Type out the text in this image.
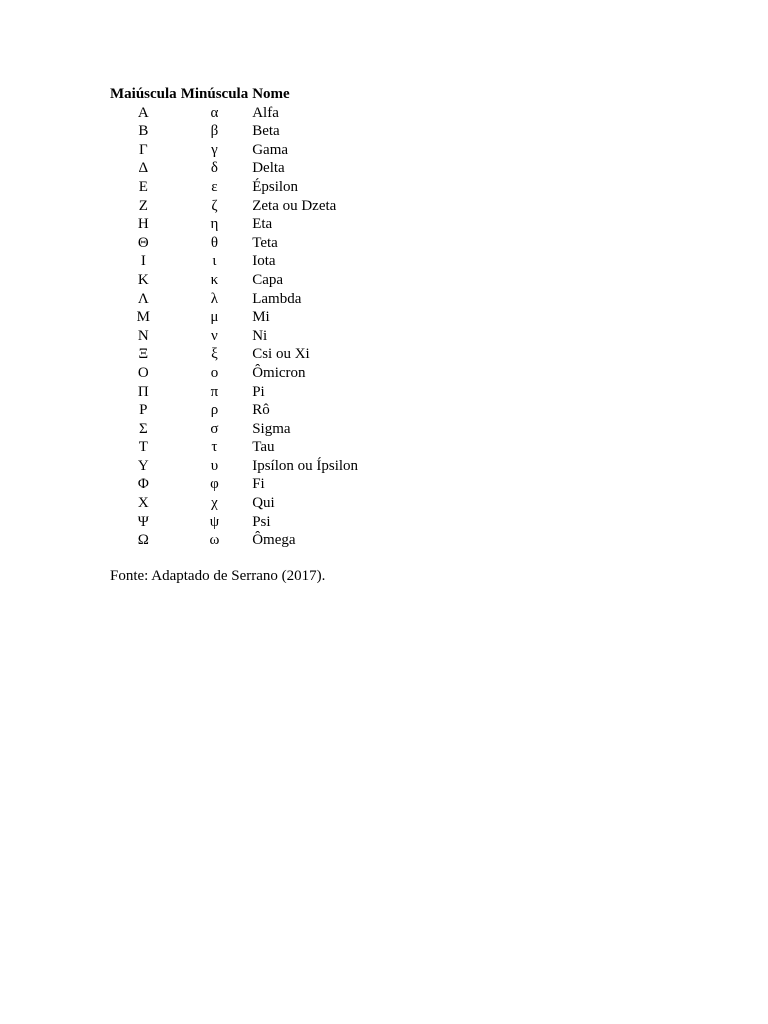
Maiúscula	Minúscula	Nome
Α	α	Alfa
Β	β	Beta
Γ	γ	Gama
Δ	δ	Delta
Ε	ε	Épsilon
Ζ	ζ	Zeta ou Dzeta
Η	η	Eta
Θ	θ	Teta
Ι	ι	Iota
Κ	κ	Capa
Λ	λ	Lambda
Μ	μ	Mi
Ν	ν	Ni
Ξ	ξ	Csi ou Xi
Ο	ο	Ômicron
Π	π	Pi
Ρ	ρ	Rô
Σ	σ	Sigma
Τ	τ	Tau
Υ	υ	Ipsílon ou Ípsilon
Φ	φ	Fi
Χ	χ	Qui
Ψ	ψ	Psi
Ω	ω	Ômega
Fonte: Adaptado de Serrano (2017).
